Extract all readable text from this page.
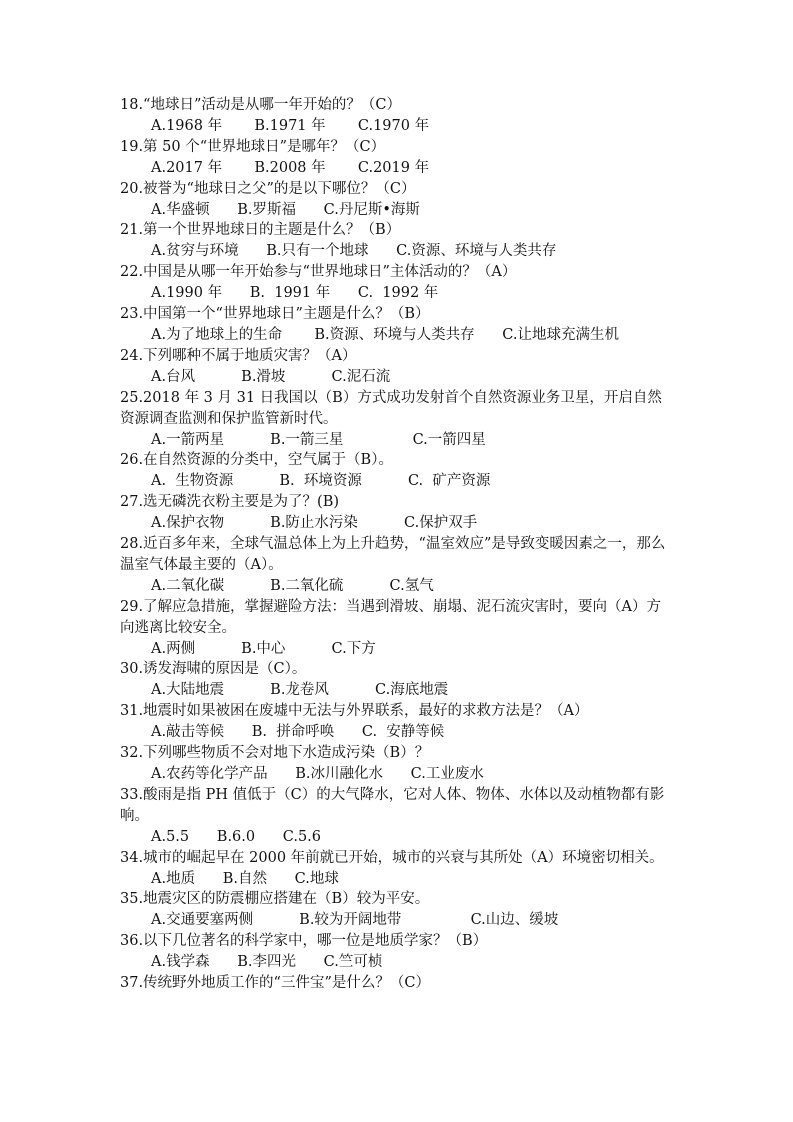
18.“地球日”活动是从哪一年开始的？（C）
A.1968 年       B.1971 年       C.1970 年
19.第 50 个“世界地球日”是哪年？（C）
A.2017 年       B.2008 年       C.2019 年
20.被誉为“地球日之父”的是以下哪位？（C）
A.华盛顿      B.罗斯福      C.丹尼斯•海斯
21.第一个世界地球日的主题是什么？（B）
A.贫穷与环境      B.只有一个地球      C.资源、环境与人类共存
22.中国是从哪一年开始参与“世界地球日”主体活动的？（A）
A.1990 年      B.  1991 年      C.  1992 年
23.中国第一个“世界地球日”主题是什么？（B）
A.为了地球上的生命       B.资源、环境与人类共存      C.让地球充满生机
24.下列哪种不属于地质灾害？（A）
A.台风          B.滑坡          C.泥石流
25.2018 年 3 月 31 日我国以（B）方式成功发射首个自然资源业务卫星，开启自然资源调查监测和保护监管新时代。
A.一箭两星          B.一箭三星               C.一箭四星
26.在自然资源的分类中，空气属于（B）。
A.  生物资源          B.  环境资源          C.  矿产资源
27.选无磷洗衣粉主要是为了？(B)
A.保护衣物          B.防止水污染          C.保护双手
28.近百多年来，全球气温总体上为上升趋势，“温室效应”是导致变暖因素之一，那么温室气体最主要的（A）。
A.二氧化碳          B.二氧化硫          C.氢气
29.了解应急措施，掌握避险方法：当遇到滑坡、崩塌、泥石流灾害时，要向（A）方向逃离比较安全。
A.两侧          B.中心          C.下方
30.诱发海啸的原因是（C）。
A.大陆地震          B.龙卷风          C.海底地震
31.地震时如果被困在废墟中无法与外界联系，最好的求救方法是？（A）
A.敲击等候      B.  拼命呼唤      C.  安静等候
32.下列哪些物质不会对地下水造成污染（B）？
A.农药等化学产品      B.冰川融化水      C.工业废水
33.酸雨是指 PH 值低于（C）的大气降水，它对人体、物体、水体以及动植物都有影响。
A.5.5      B.6.0      C.5.6
34.城市的崛起早在 2000 年前就已开始，城市的兴衰与其所处（A）环境密切相关。
A.地质      B.自然      C.地球
35.地震灾区的防震棚应搭建在（B）较为平安。
A.交通要塞两侧          B.较为开阔地带               C.山边、缓坡
36.以下几位著名的科学家中，哪一位是地质学家？（B）
A.钱学森      B.李四光      C.竺可桢
37.传统野外地质工作的“三件宝”是什么？（C）
